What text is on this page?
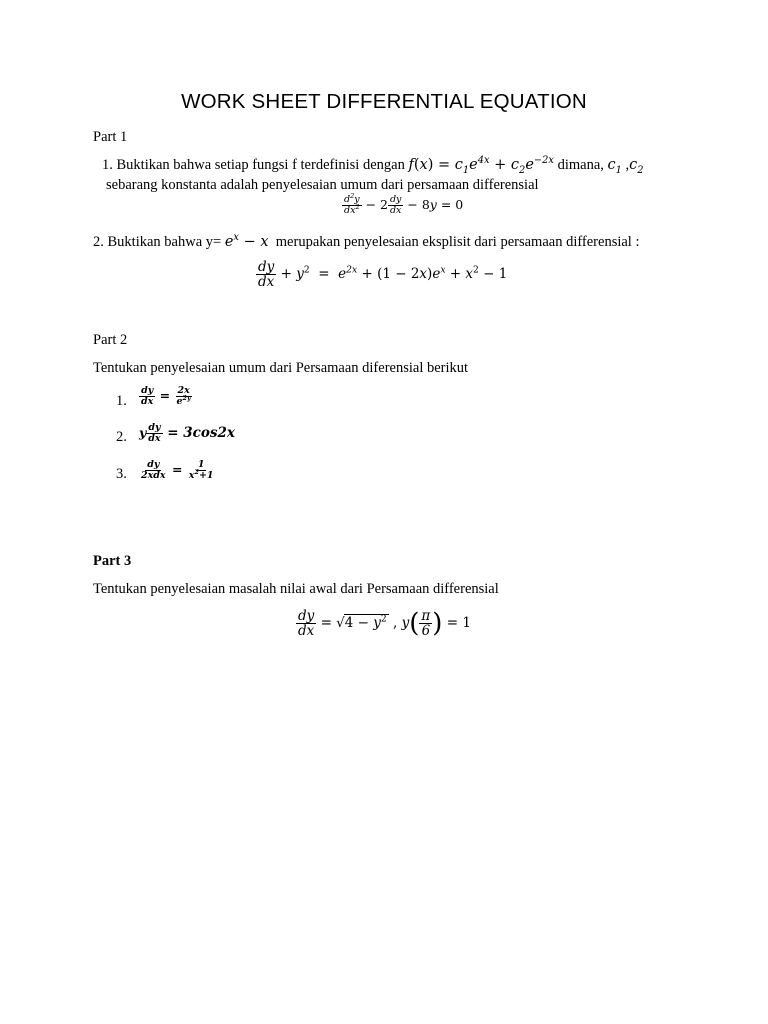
WORK SHEET DIFFERENTIAL EQUATION
Part 1
1. Buktikan bahwa setiap fungsi f terdefinisi dengan $f(x) = c_1e^{4x} + c_2e^{-2x}$ dimana, $c_1$ $,c_2$
sebarang konstanta adalah penyelesaian umum dari persamaan differensial
$\frac{d^2y}{dx^2} - 2 \frac{dy}{dx} - 8y = 0$
2. Buktikan bahwa $y= e^x - x$  merupakan penyelesaian eksplisit dari persamaan differensial :
$\frac{dy}{dx} + y^2 = e^{2x} + (1 - 2x)e^x + x^2 - 1$
Part 2
Tentukan penyelesaian umum dari Persamaan diferensial berikut
1. $\frac{dy}{dx} = \frac{2x}{e^{2y}}$
2. y $\frac{dy}{dx} = 3\cos 2x$
3. $\frac{dy}{\text{2xdx}} = \frac{1}{x^2+1}$
Part 3
Tentukan penyelesaian masalah nilai awal dari Persamaan differensial
$\frac{dy}{dx} = √4 - y^2$ , $y( \frac{\pi}{6}$ ) = 1
